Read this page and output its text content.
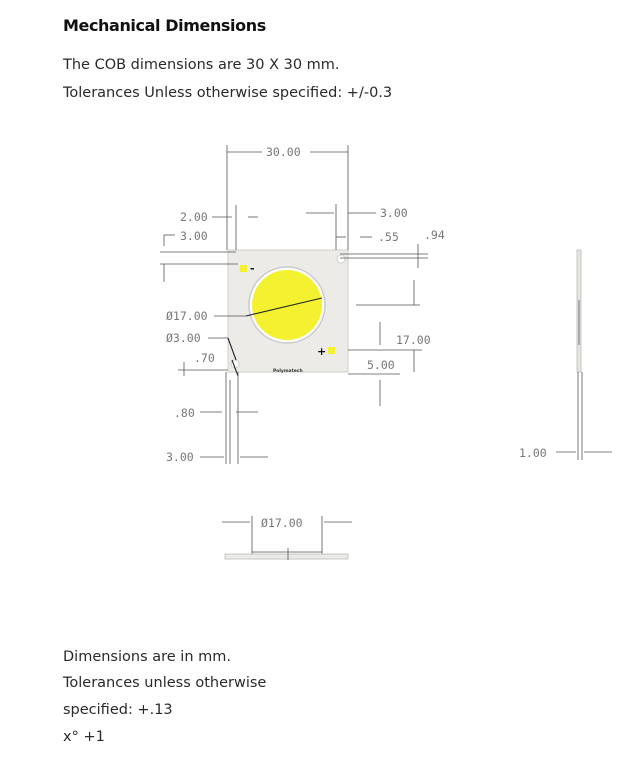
Mechanical Dimensions

The COB dimensions are 30 X 30 mm.

Tolerances Unless otherwise specified: +/-0.3

-
+
Polymatech
30.00
2.00
3.00
3.00
.55 .94
Ø17.00
Ø3.00
.70
17.00
5.00
.80
3.00	1.00
Ø17.00

Dimensions are in mm.

Tolerances unless otherwise

specified: +.13

x° +1
